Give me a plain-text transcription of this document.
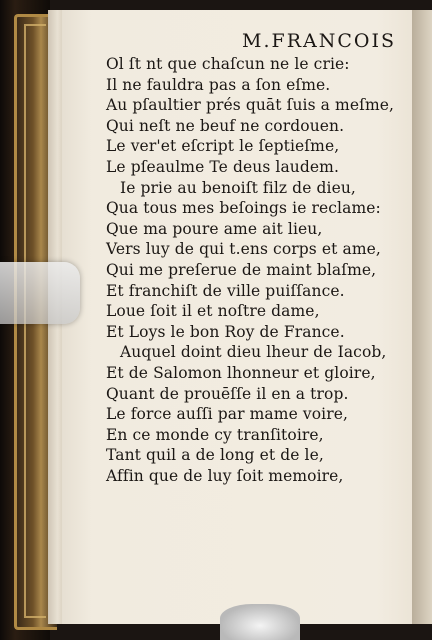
M.FRANCOIS
Ol ſt nt que chaſcun ne le crie:
Il ne fauldra pas a ſon eſme.
Au pſaultier prés quāt ſuis a meſme,
Qui neſt ne beuf ne cordouen.
Le ver'et eſcript le ſeptieſme,
Le pſeaulme Te deus laudem.
Ie prie au benoiſt filz de dieu,
Qua tous mes beſoings ie reclame:
Que ma poure ame ait lieu,
Vers luy de qui t.ens corps et ame,
Qui me preſerue de maint blaſme,
Et franchiſt de ville puiſſance.
Loue ſoit il et noſtre dame,
Et Loys le bon Roy de France.
Auquel doint dieu lheur de Iacob,
Et de Salomon lhonneur et gloire,
Quant de prouēſſe il en a trop.
Le force auſſi par mame voire,
En ce monde cy tranſitoire,
Tant quil a de long et de le,
Affin que de luy ſoit memoire,
